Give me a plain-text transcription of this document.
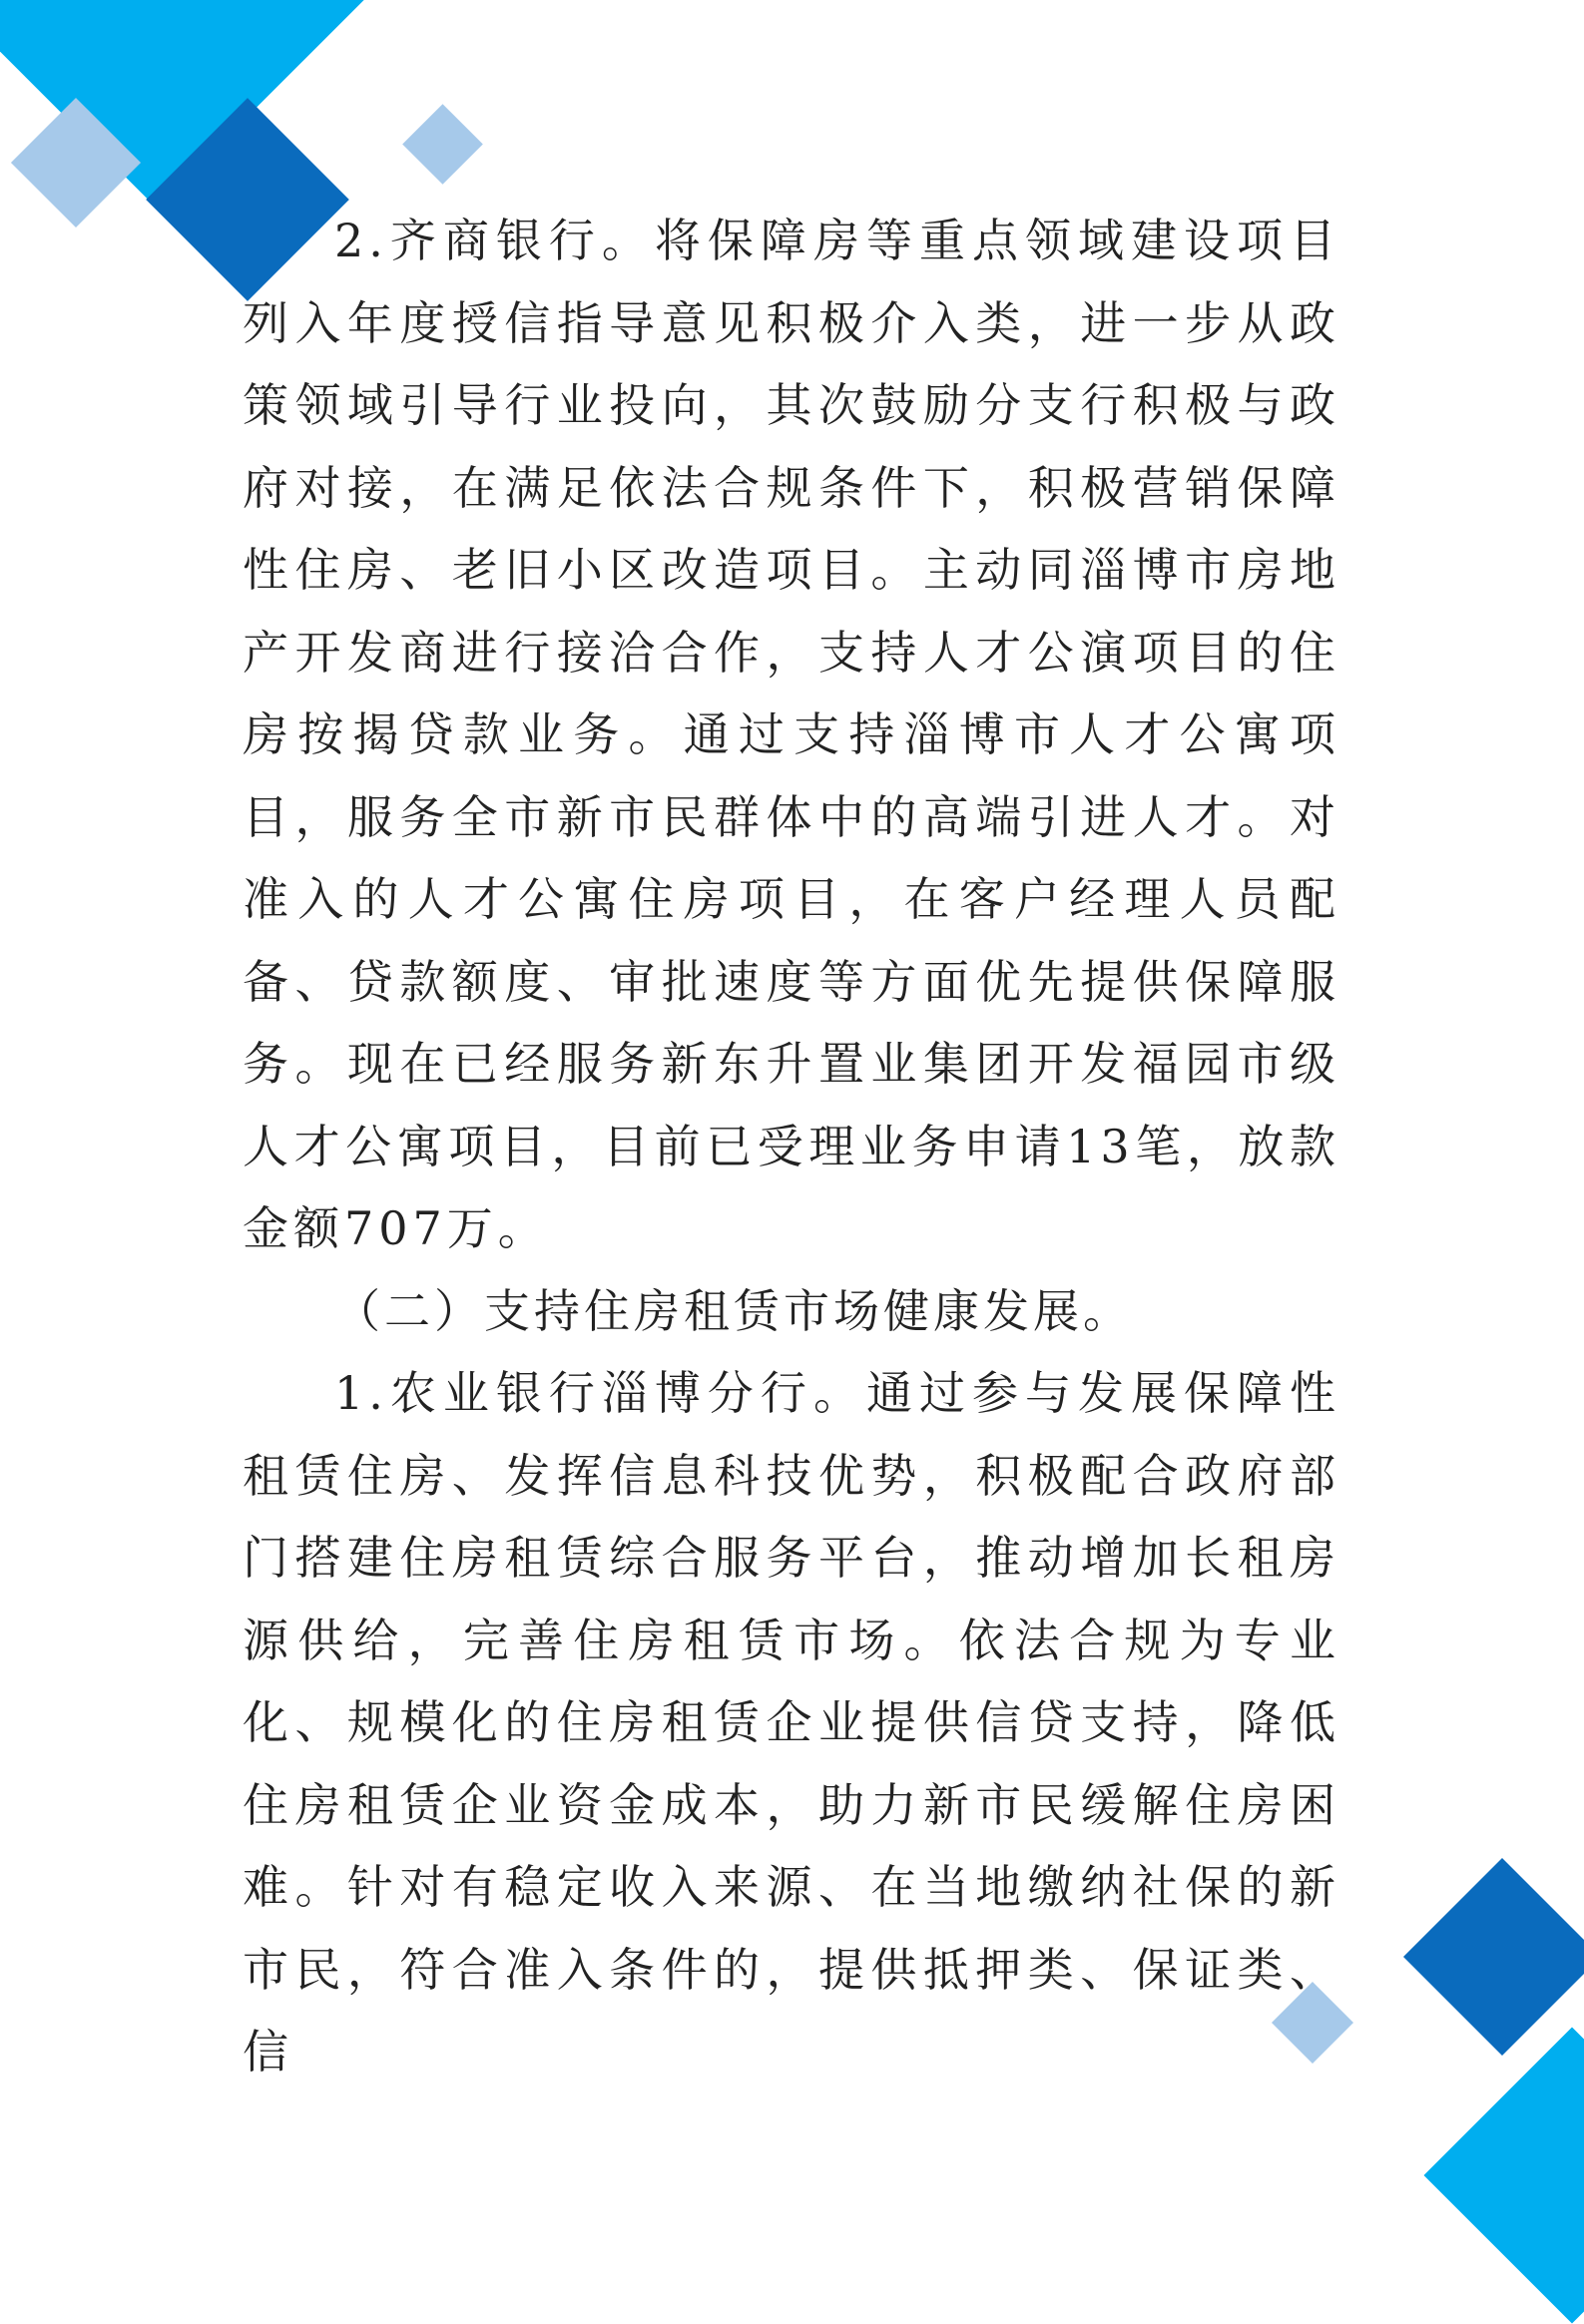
2.齐商银行。将保障房等重点领域建设项目列入年度授信指导意见积极介入类，进一步从政策领域引导行业投向，其次鼓励分支行积极与政府对接，在满足依法合规条件下，积极营销保障性住房、老旧小区改造项目。主动同淄博市房地产开发商进行接洽合作，支持人才公演项目的住房按揭贷款业务。通过支持淄博市人才公寓项目，服务全市新市民群体中的高端引进人才。对准入的人才公寓住房项目，在客户经理人员配备、贷款额度、审批速度等方面优先提供保障服务。现在已经服务新东升置业集团开发福园市级人才公寓项目，目前已受理业务申请13笔，放款金额707万。

（二）支持住房租赁市场健康发展。

1.农业银行淄博分行。通过参与发展保障性租赁住房、发挥信息科技优势，积极配合政府部门搭建住房租赁综合服务平台，推动增加长租房源供给，完善住房租赁市场。依法合规为专业化、规模化的住房租赁企业提供信贷支持，降低住房租赁企业资金成本，助力新市民缓解住房困难。针对有稳定收入来源、在当地缴纳社保的新市民，符合准入条件的，提供抵押类、保证类、信
